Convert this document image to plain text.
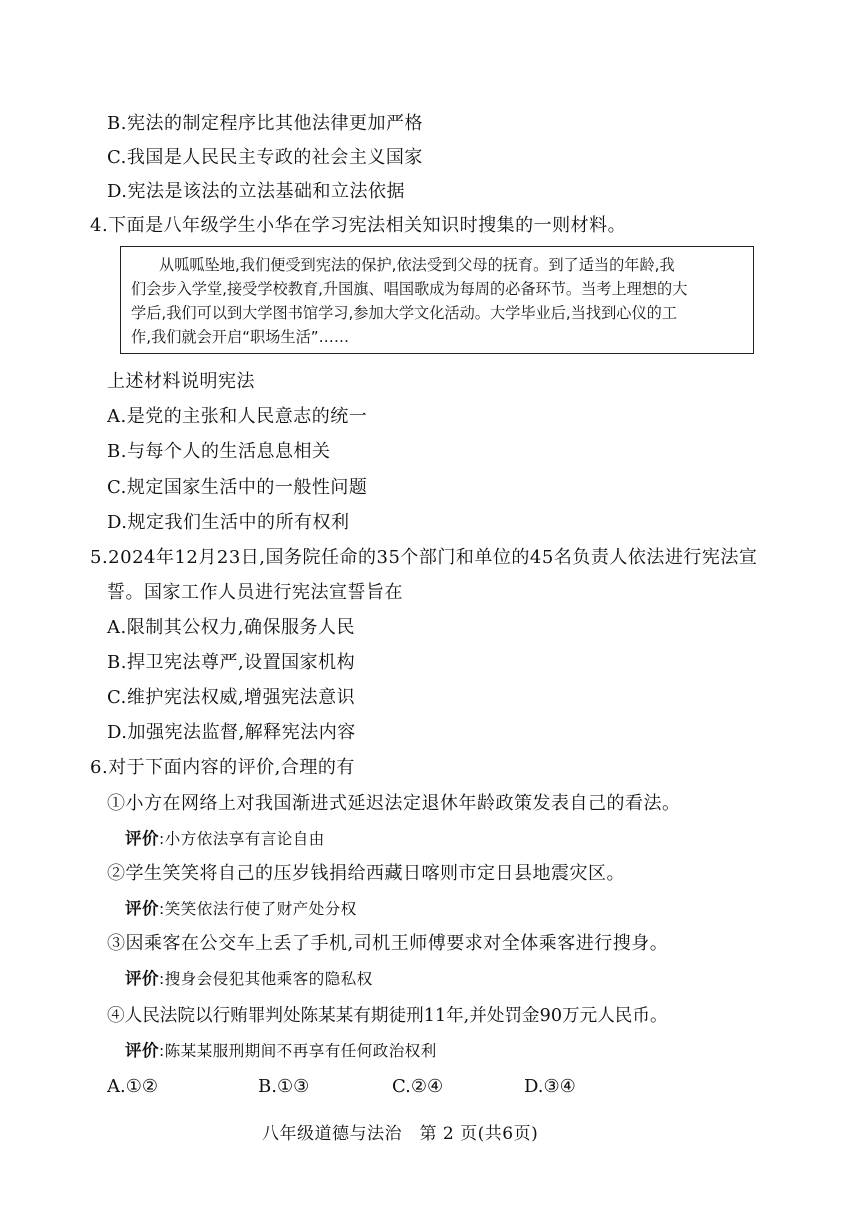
B.宪法的制定程序比其他法律更加严格
C.我国是人民民主专政的社会主义国家
D.宪法是该法的立法基础和立法依据
4.下面是八年级学生小华在学习宪法相关知识时搜集的一则材料。
从呱呱坠地,我们便受到宪法的保护,依法受到父母的抚育。到了适当的年龄,我
们会步入学堂,接受学校教育,升国旗、唱国歌成为每周的必备环节。当考上理想的大
学后,我们可以到大学图书馆学习,参加大学文化活动。大学毕业后,当找到心仪的工
作,我们就会开启“职场生活”……
上述材料说明宪法
A.是党的主张和人民意志的统一
B.与每个人的生活息息相关
C.规定国家生活中的一般性问题
D.规定我们生活中的所有权利
5.2024年12月23日,国务院任命的35个部门和单位的45名负责人依法进行宪法宣
誓。国家工作人员进行宪法宣誓旨在
A.限制其公权力,确保服务人民
B.捍卫宪法尊严,设置国家机构
C.维护宪法权威,增强宪法意识
D.加强宪法监督,解释宪法内容
6.对于下面内容的评价,合理的有
①小方在网络上对我国渐进式延迟法定退休年龄政策发表自己的看法。
评价:小方依法享有言论自由
②学生笑笑将自己的压岁钱捐给西藏日喀则市定日县地震灾区。
评价:笑笑依法行使了财产处分权
③因乘客在公交车上丢了手机,司机王师傅要求对全体乘客进行搜身。
评价:搜身会侵犯其他乘客的隐私权
④人民法院以行贿罪判处陈某某有期徒刑11年,并处罚金90万元人民币。
评价:陈某某服刑期间不再享有任何政治权利
A.①②	B.①③	C.②④	D.③④
八年级道德与法治　第 2 页(共6页)
